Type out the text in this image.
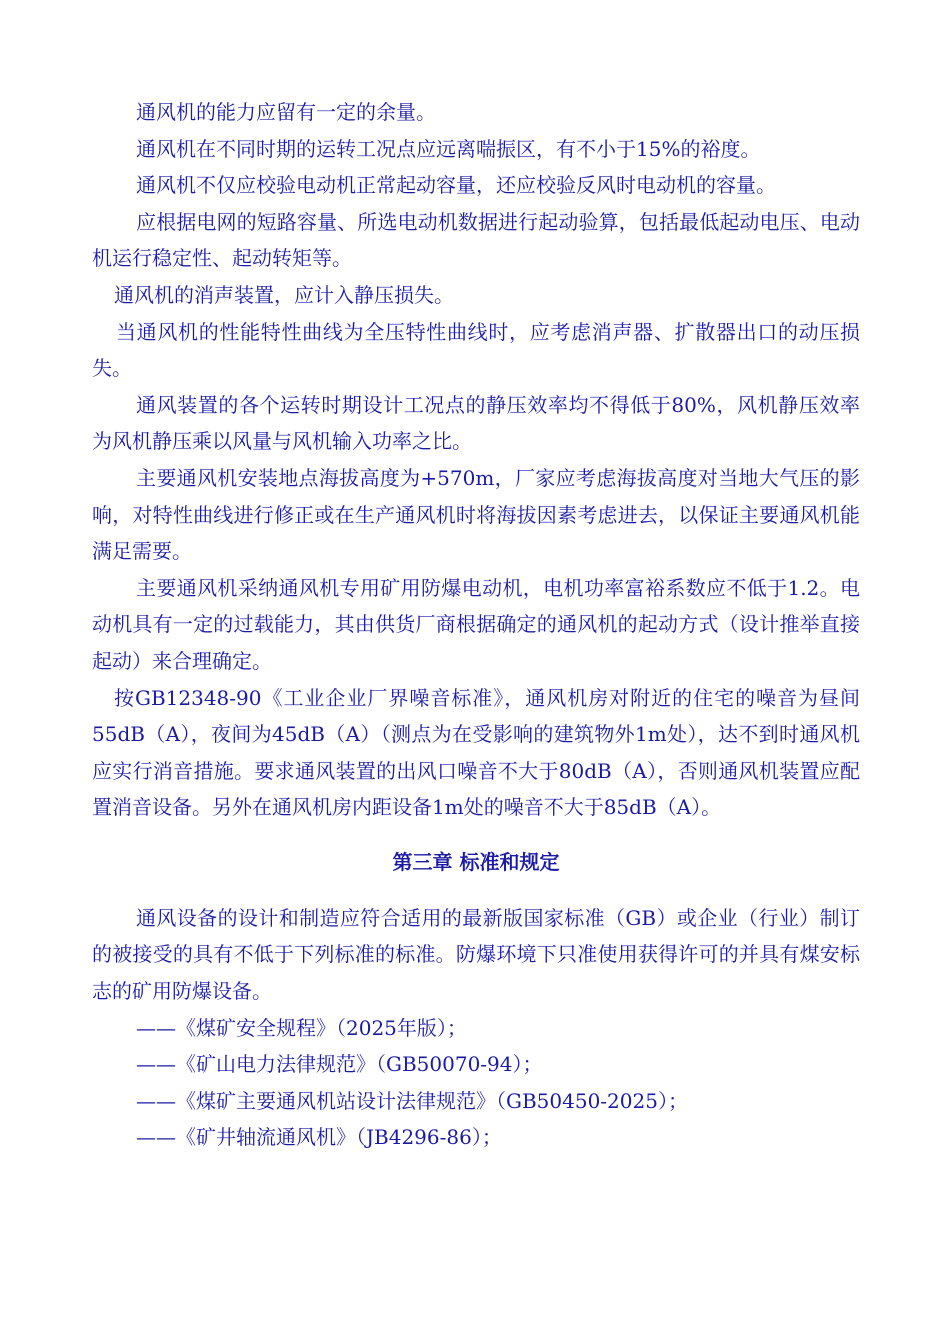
通风机的能力应留有一定的余量。

通风机在不同时期的运转工况点应远离喘振区，有不小于15%的裕度。

通风机不仅应校验电动机正常起动容量，还应校验反风时电动机的容量。

应根据电网的短路容量、所选电动机数据进行起动验算，包括最低起动电压、电动机运行稳定性、起动转矩等。

通风机的消声装置，应计入静压损失。

当通风机的性能特性曲线为全压特性曲线时，应考虑消声器、扩散器出口的动压损失。

通风装置的各个运转时期设计工况点的静压效率均不得低于80%，风机静压效率为风机静压乘以风量与风机输入功率之比。

主要通风机安装地点海拔高度为+570m，厂家应考虑海拔高度对当地大气压的影响，对特性曲线进行修正或在生产通风机时将海拔因素考虑进去，以保证主要通风机能满足需要。

主要通风机采纳通风机专用矿用防爆电动机，电机功率富裕系数应不低于1.2。电动机具有一定的过载能力，其由供货厂商根据确定的通风机的起动方式（设计推举直接起动）来合理确定。

按GB12348-90《工业企业厂界噪音标准》，通风机房对附近的住宅的噪音为昼间55dB（A），夜间为45dB（A）（测点为在受影响的建筑物外1m处），达不到时通风机应实行消音措施。要求通风装置的出风口噪音不大于80dB（A），否则通风机装置应配置消音设备。另外在通风机房内距设备1m处的噪音不大于85dB（A）。

第三章 标准和规定

通风设备的设计和制造应符合适用的最新版国家标准（GB）或企业（行业）制订的被接受的具有不低于下列标准的标准。防爆环境下只准使用获得许可的并具有煤安标志的矿用防爆设备。

——《煤矿安全规程》（2025年版）；

——《矿山电力法律规范》（GB50070-94）；

——《煤矿主要通风机站设计法律规范》（GB50450-2025）；

——《矿井轴流通风机》（JB4296-86）；
